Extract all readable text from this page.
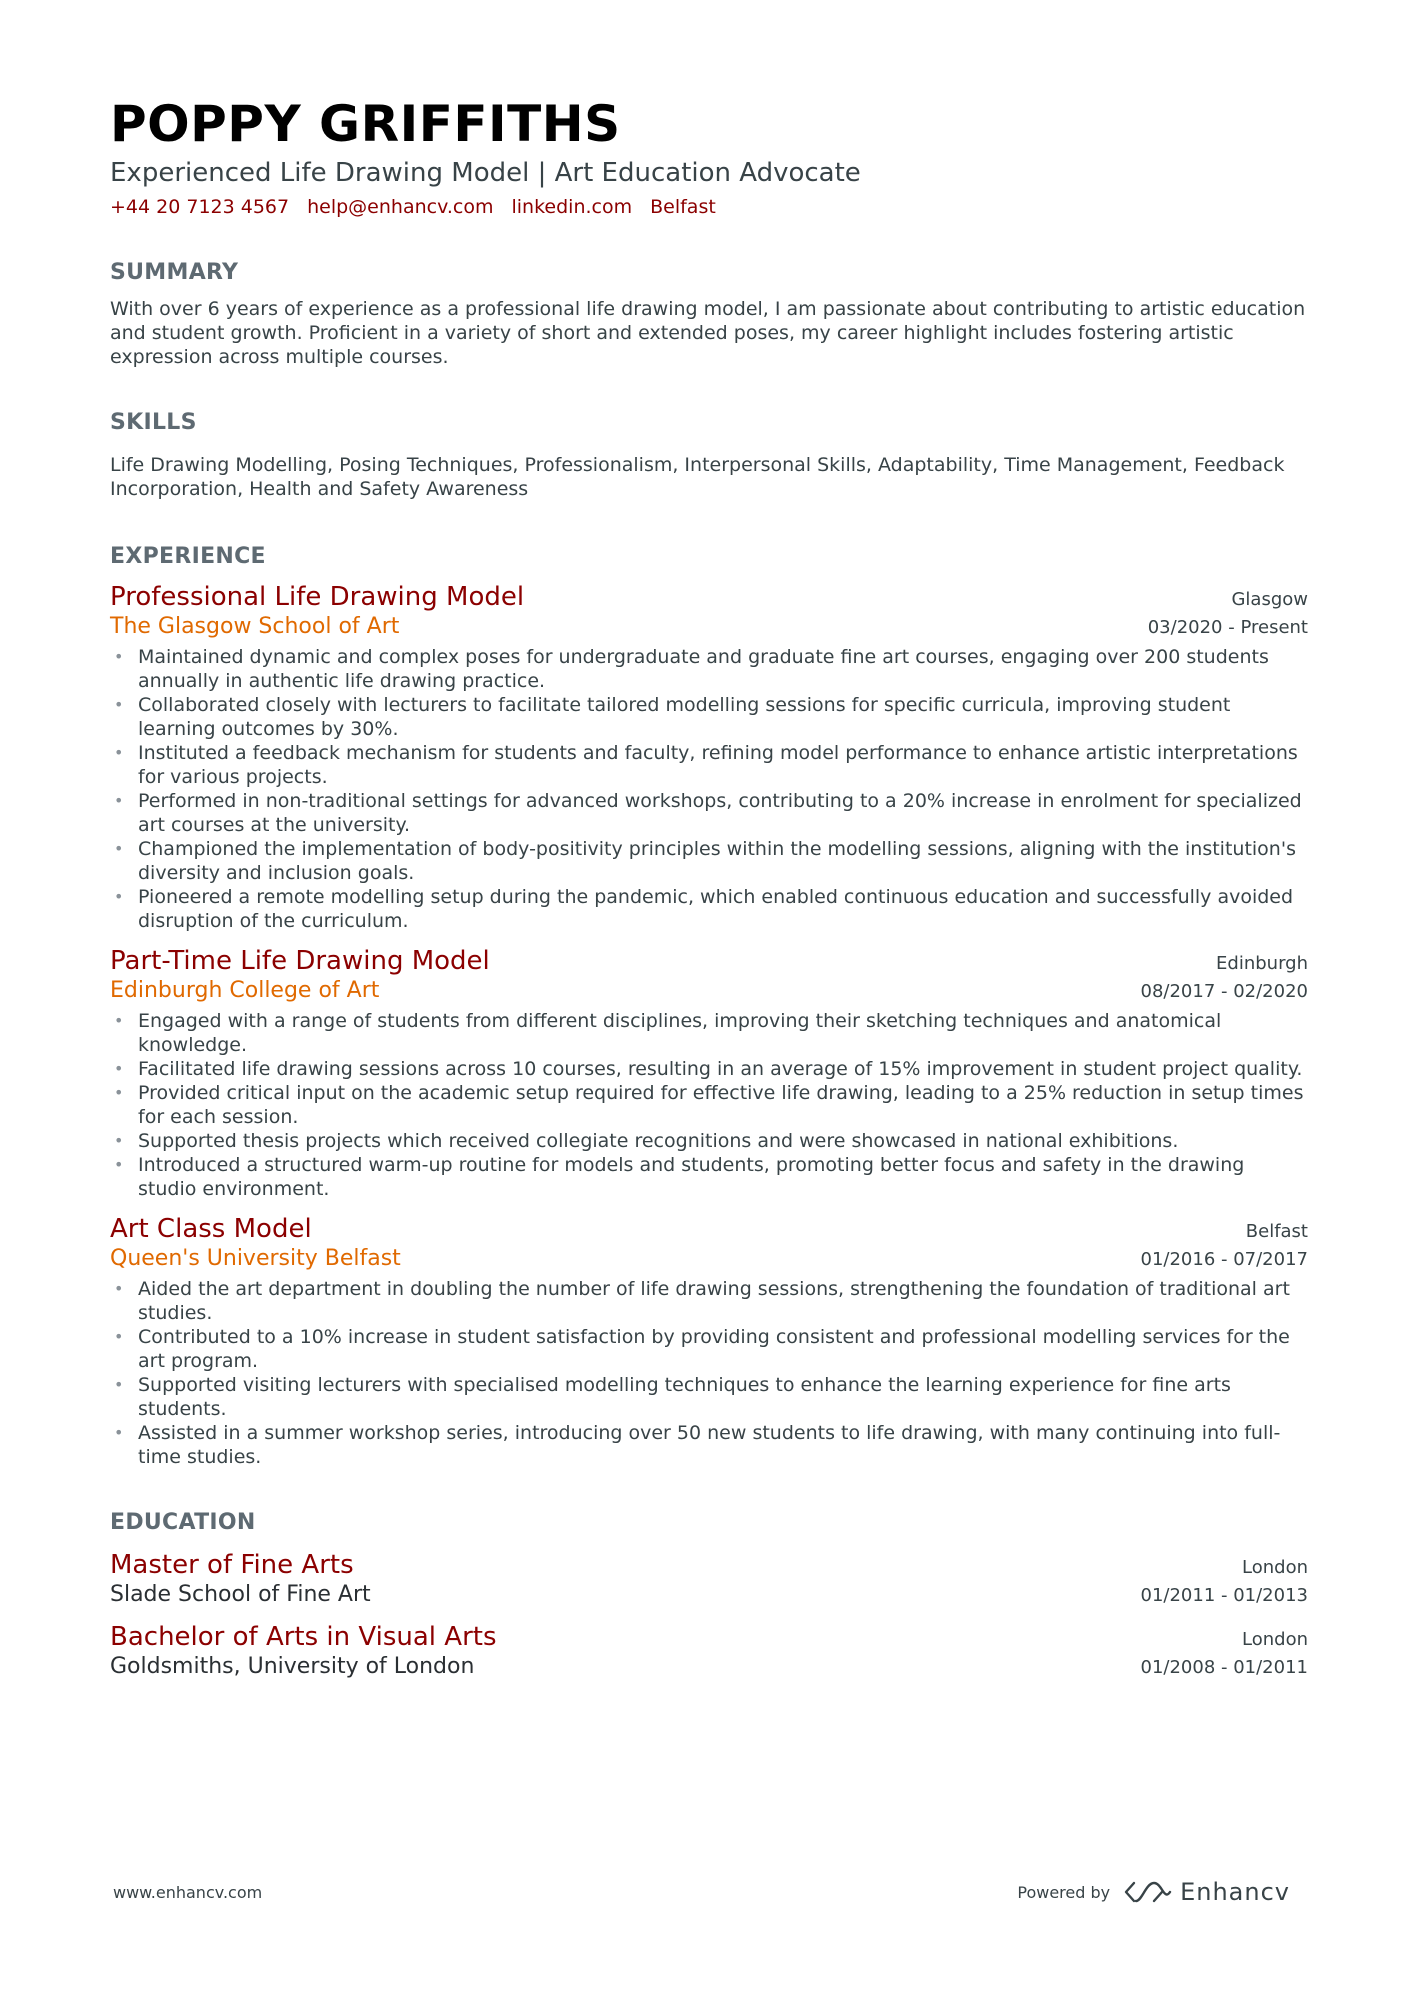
POPPY GRIFFITHS
Experienced Life Drawing Model | Art Education Advocate
+44 20 7123 4567 help@enhancv.com linkedin.com Belfast
SUMMARY

With over 6 years of experience as a professional life drawing model, I am passionate about contributing to artistic education and student growth. Proficient in a variety of short and extended poses, my career highlight includes fostering artistic expression across multiple courses.

SKILLS

Life Drawing Modelling, Posing Techniques, Professionalism, Interpersonal Skills, Adaptability, Time Management, Feedback Incorporation, Health and Safety Awareness

EXPERIENCE
Professional Life Drawing Model	Glasgow
The Glasgow School of Art	03/2020 - Present
• Maintained dynamic and complex poses for undergraduate and graduate fine art courses, engaging over 200 students annually in authentic life drawing practice.
• Collaborated closely with lecturers to facilitate tailored modelling sessions for specific curricula, improving student learning outcomes by 30%.
• Instituted a feedback mechanism for students and faculty, refining model performance to enhance artistic interpretations for various projects.
• Performed in non-traditional settings for advanced workshops, contributing to a 20% increase in enrolment for specialized art courses at the university.
• Championed the implementation of body-positivity principles within the modelling sessions, aligning with the institution's diversity and inclusion goals.
• Pioneered a remote modelling setup during the pandemic, which enabled continuous education and successfully avoided disruption of the curriculum.
Part-Time Life Drawing Model	Edinburgh
Edinburgh College of Art	08/2017 - 02/2020
• Engaged with a range of students from different disciplines, improving their sketching techniques and anatomical knowledge.
• Facilitated life drawing sessions across 10 courses, resulting in an average of 15% improvement in student project quality.
• Provided critical input on the academic setup required for effective life drawing, leading to a 25% reduction in setup times for each session.
• Supported thesis projects which received collegiate recognitions and were showcased in national exhibitions.
• Introduced a structured warm-up routine for models and students, promoting better focus and safety in the drawing studio environment.
Art Class Model	Belfast
Queen's University Belfast	01/2016 - 07/2017
• Aided the art department in doubling the number of life drawing sessions, strengthening the foundation of traditional art studies.
• Contributed to a 10% increase in student satisfaction by providing consistent and professional modelling services for the art program.
• Supported visiting lecturers with specialised modelling techniques to enhance the learning experience for fine arts students.
• Assisted in a summer workshop series, introducing over 50 new students to life drawing, with many continuing into full-time studies.
EDUCATION
Master of Fine Arts	London
Slade School of Fine Art	01/2011 - 01/2013
Bachelor of Arts in Visual Arts	London
Goldsmiths, University of London	01/2008 - 01/2011
www.enhancv.com	Powered by	Enhancv
